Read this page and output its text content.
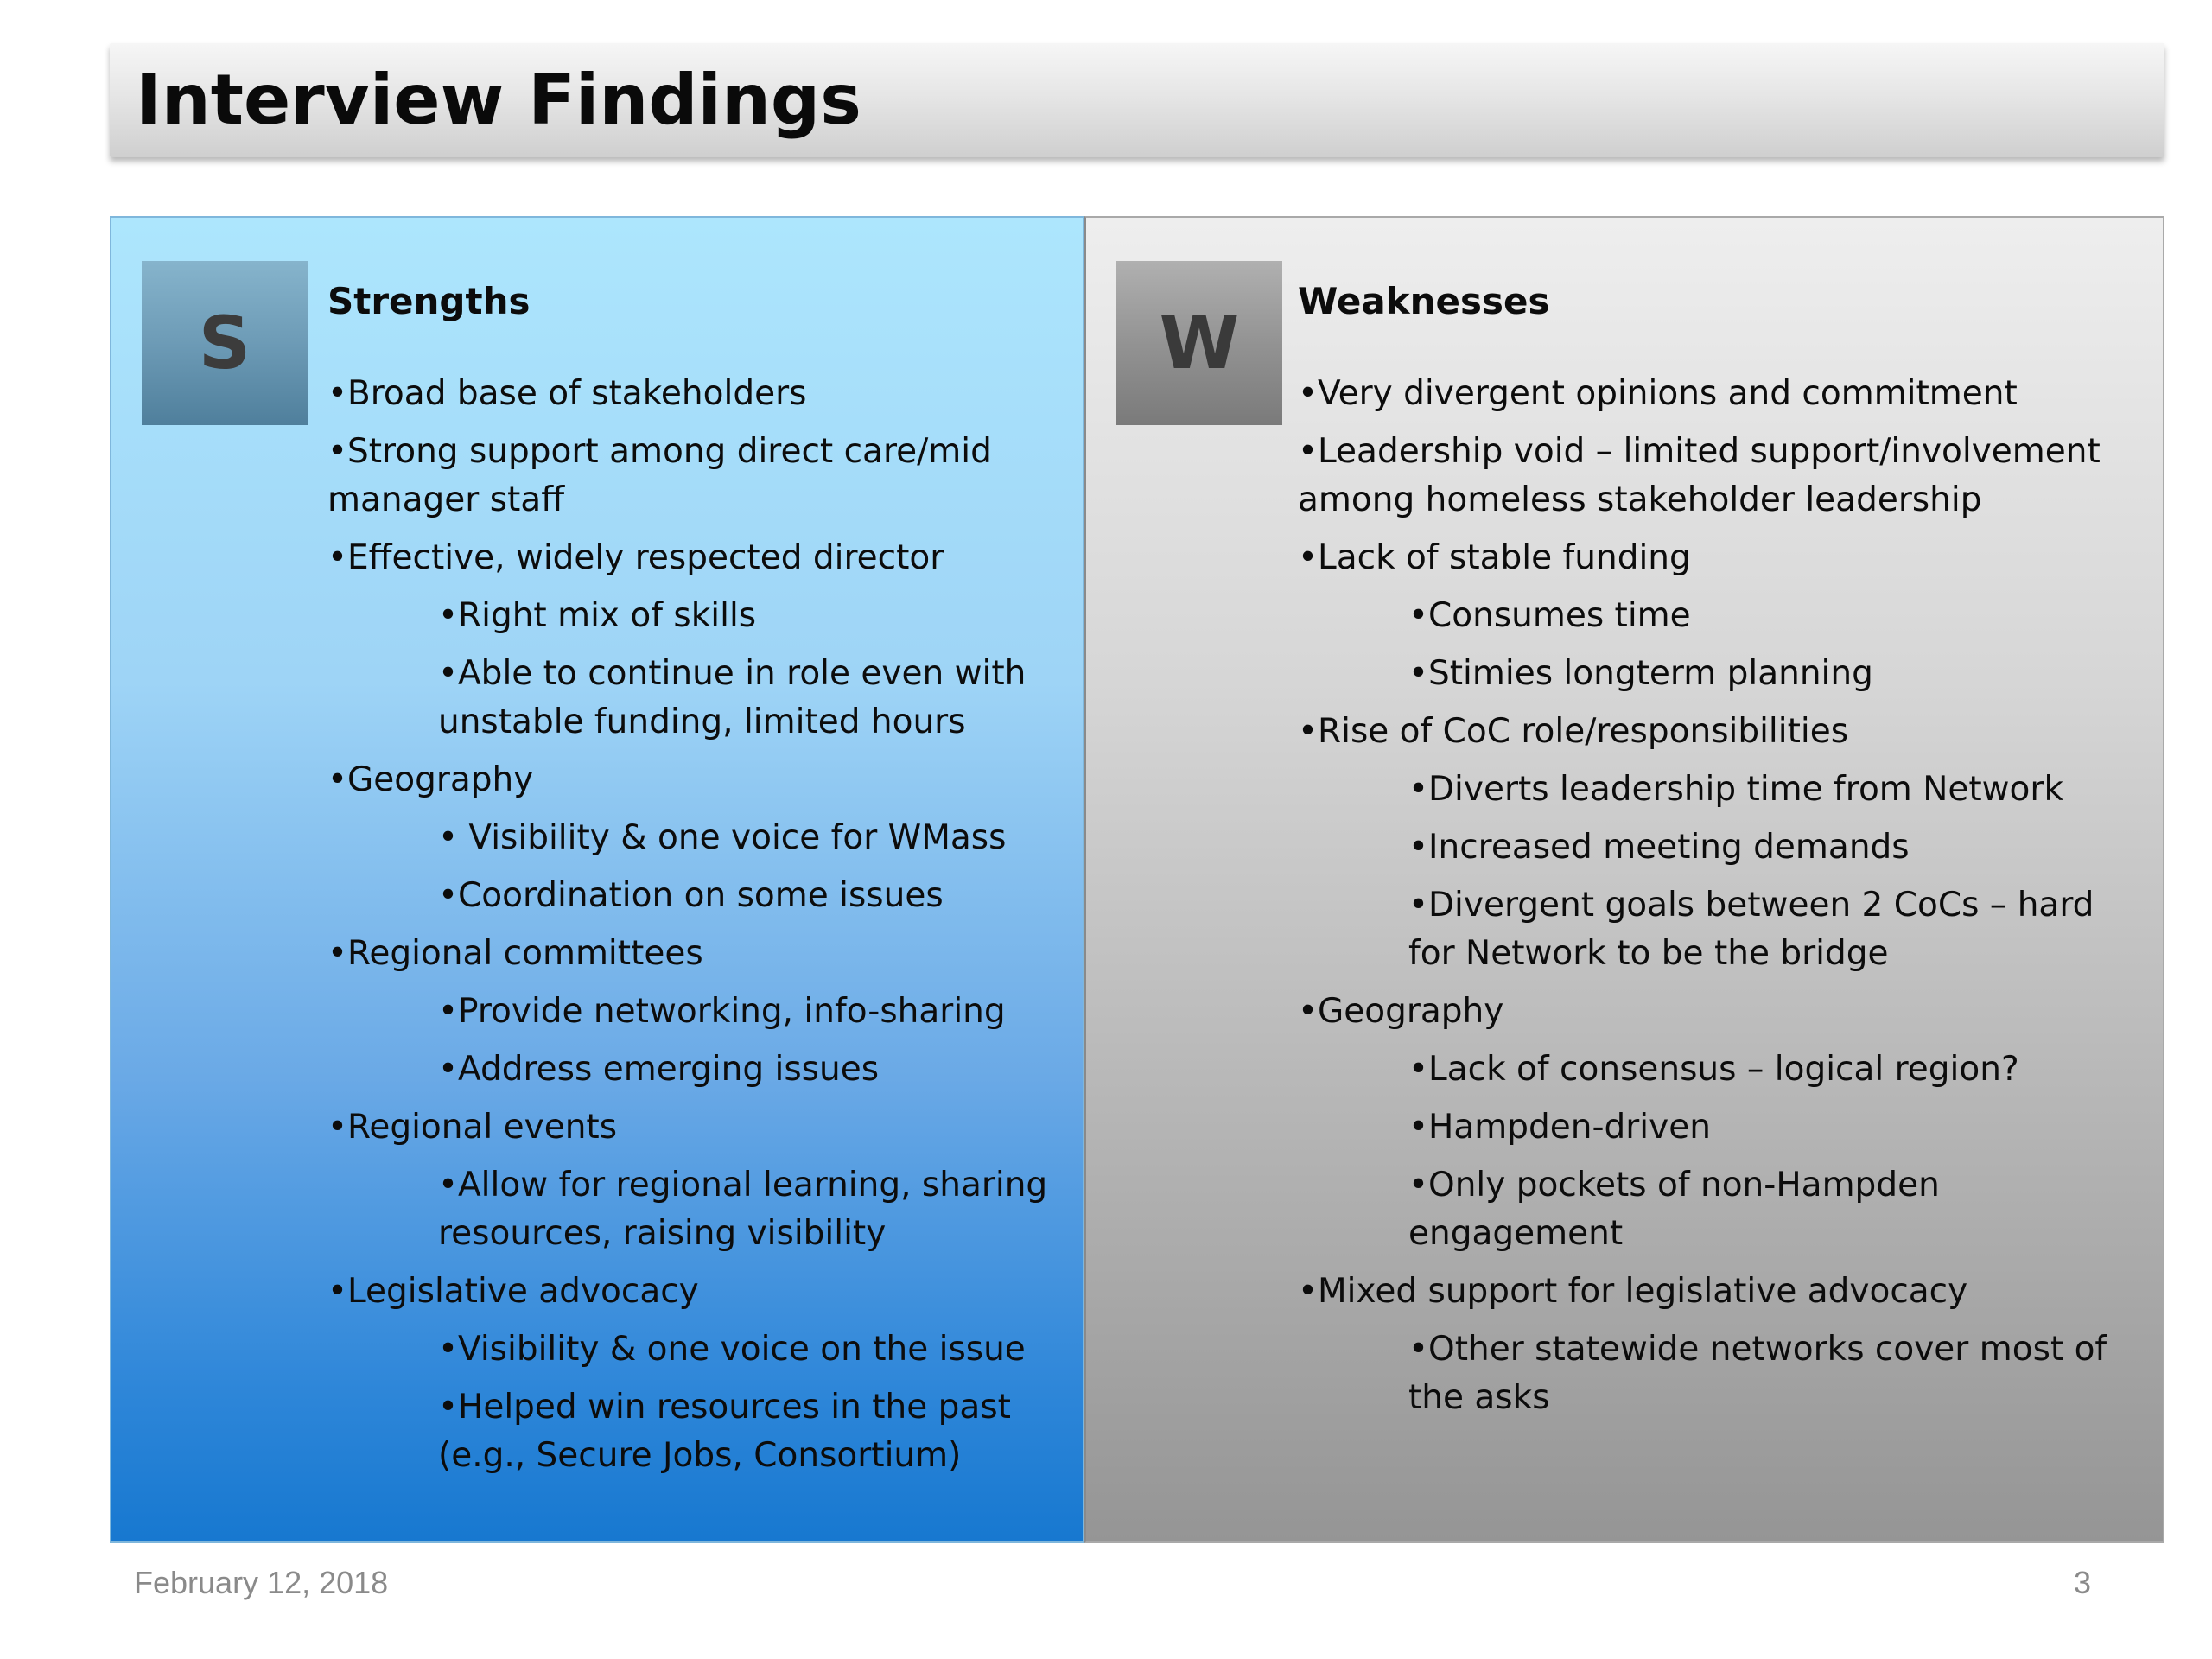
Interview Findings
S	Strengths
•Broad base of stakeholders
•Strong support among direct care/mid manager staff
•Effective, widely respected director
•Right mix of skills
•Able to continue in role even with unstable funding, limited hours
•Geography
• Visibility & one voice for WMass
•Coordination on some issues
•Regional committees
•Provide networking, info-sharing
•Address emerging issues
•Regional events
•Allow for regional learning, sharing resources, raising visibility
•Legislative advocacy
•Visibility & one voice on the issue
•Helped win resources in the past (e.g., Secure Jobs, Consortium)
W	Weaknesses
•Very divergent opinions and commitment
•Leadership void – limited support/involvement among homeless stakeholder leadership
•Lack of stable funding
•Consumes time
•Stimies longterm planning
•Rise of CoC role/responsibilities
•Diverts leadership time from Network
•Increased meeting demands
•Divergent goals between 2 CoCs – hard for Network to be the bridge
•Geography
•Lack of consensus – logical region?
•Hampden-driven
•Only pockets of non-Hampden engagement
•Mixed support for legislative advocacy
•Other statewide networks cover most of the asks
February 12, 2018	3
